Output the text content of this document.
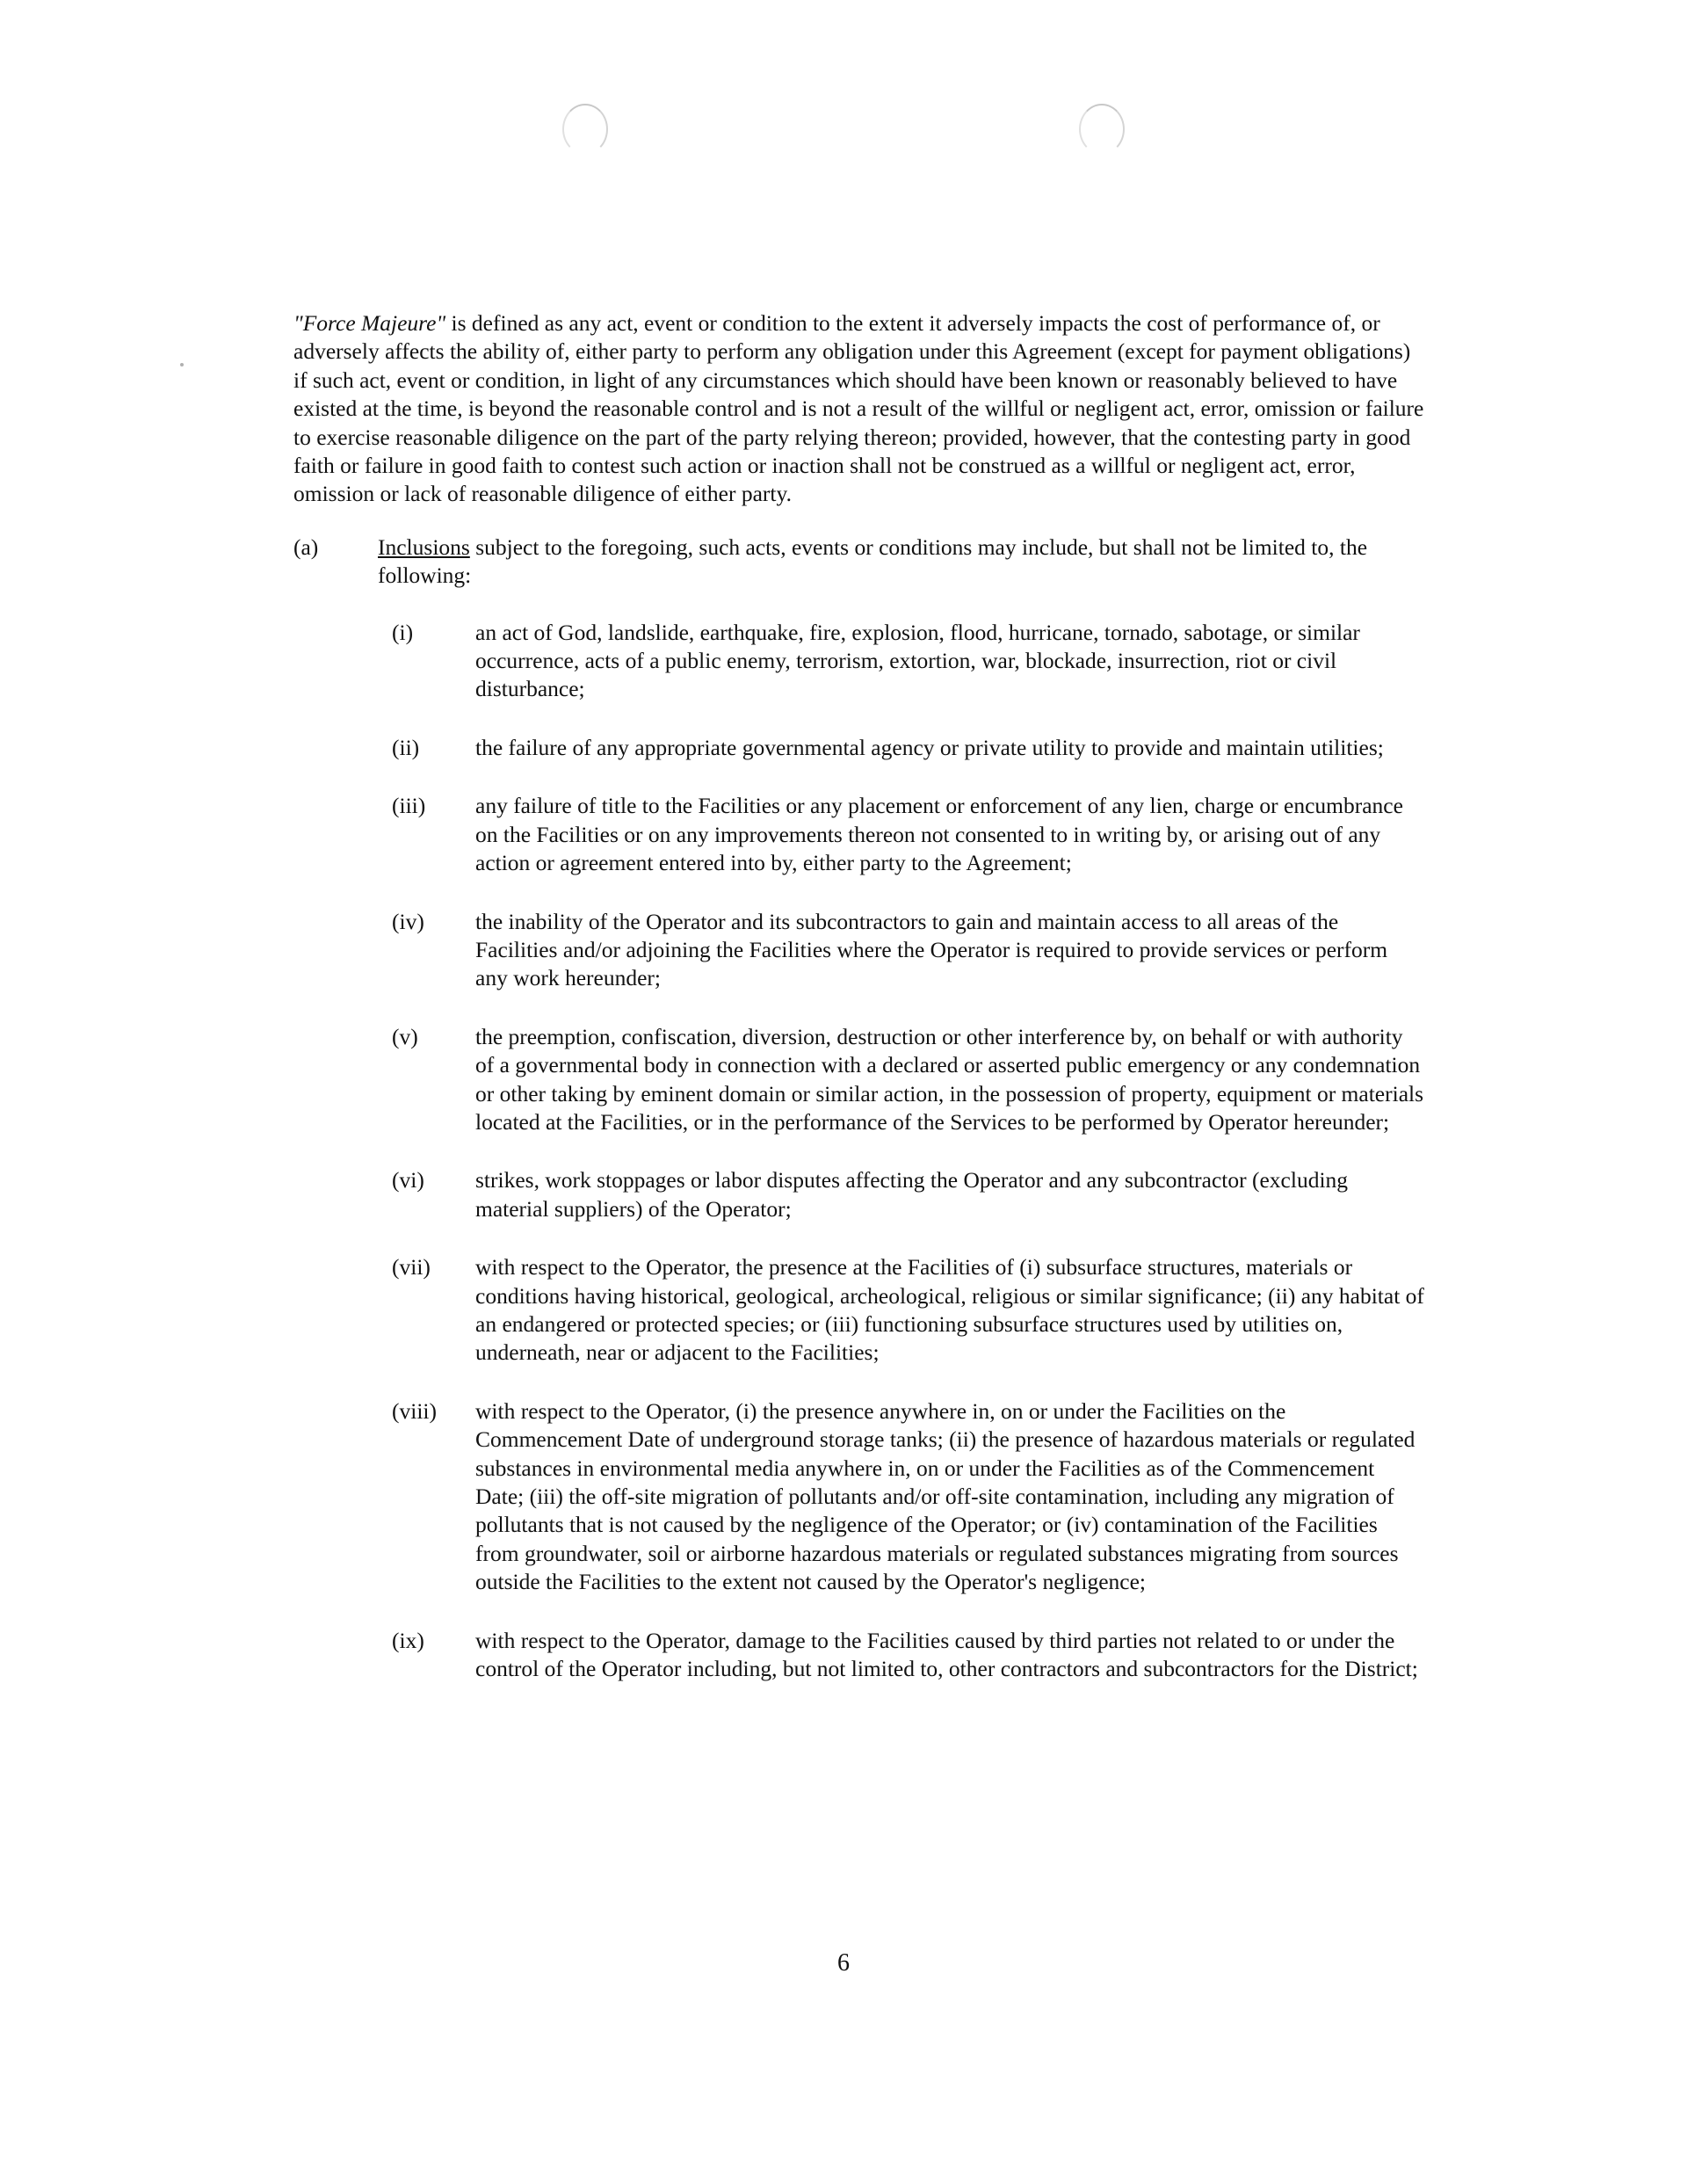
"Force Majeure" is defined as any act, event or condition to the extent it adversely impacts the cost of performance of, or adversely affects the ability of, either party to perform any obligation under this Agreement (except for payment obligations) if such act, event or condition, in light of any circumstances which should have been known or reasonably believed to have existed at the time, is beyond the reasonable control and is not a result of the willful or negligent act, error, omission or failure to exercise reasonable diligence on the part of the party relying thereon; provided, however, that the contesting party in good faith or failure in good faith to contest such action or inaction shall not be construed as a willful or negligent act, error, omission or lack of reasonable diligence of either party.

(a)	Inclusions subject to the foregoing, such acts, events or conditions may include, but shall not be limited to, the following:
(i)	an act of God, landslide, earthquake, fire, explosion, flood, hurricane, tornado, sabotage, or similar occurrence, acts of a public enemy, terrorism, extortion, war, blockade, insurrection, riot or civil disturbance;
(ii)	the failure of any appropriate governmental agency or private utility to provide and maintain utilities;
(iii)	any failure of title to the Facilities or any placement or enforcement of any lien, charge or encumbrance on the Facilities or on any improvements thereon not consented to in writing by, or arising out of any action or agreement entered into by, either party to the Agreement;
(iv)	the inability of the Operator and its subcontractors to gain and maintain access to all areas of the Facilities and/or adjoining the Facilities where the Operator is required to provide services or perform any work hereunder;
(v)	the preemption, confiscation, diversion, destruction or other interference by, on behalf or with authority of a governmental body in connection with a declared or asserted public emergency or any condemnation or other taking by eminent domain or similar action, in the possession of property, equipment or materials located at the Facilities, or in the performance of the Services to be performed by Operator hereunder;
(vi)	strikes, work stoppages or labor disputes affecting the Operator and any subcontractor (excluding material suppliers) of the Operator;
(vii)	with respect to the Operator, the presence at the Facilities of (i) subsurface structures, materials or conditions having historical, geological, archeological, religious or similar significance; (ii) any habitat of an endangered or protected species; or (iii) functioning subsurface structures used by utilities on, underneath, near or adjacent to the Facilities;
(viii)	with respect to the Operator, (i) the presence anywhere in, on or under the Facilities on the Commencement Date of underground storage tanks; (ii) the presence of hazardous materials or regulated substances in environmental media anywhere in, on or under the Facilities as of the Commencement Date; (iii) the off-site migration of pollutants and/or off-site contamination, including any migration of pollutants that is not caused by the negligence of the Operator; or (iv) contamination of the Facilities from groundwater, soil or airborne hazardous materials or regulated substances migrating from sources outside the Facilities to the extent not caused by the Operator's negligence;
(ix)	with respect to the Operator, damage to the Facilities caused by third parties not related to or under the control of the Operator including, but not limited to, other contractors and subcontractors for the District;
6
